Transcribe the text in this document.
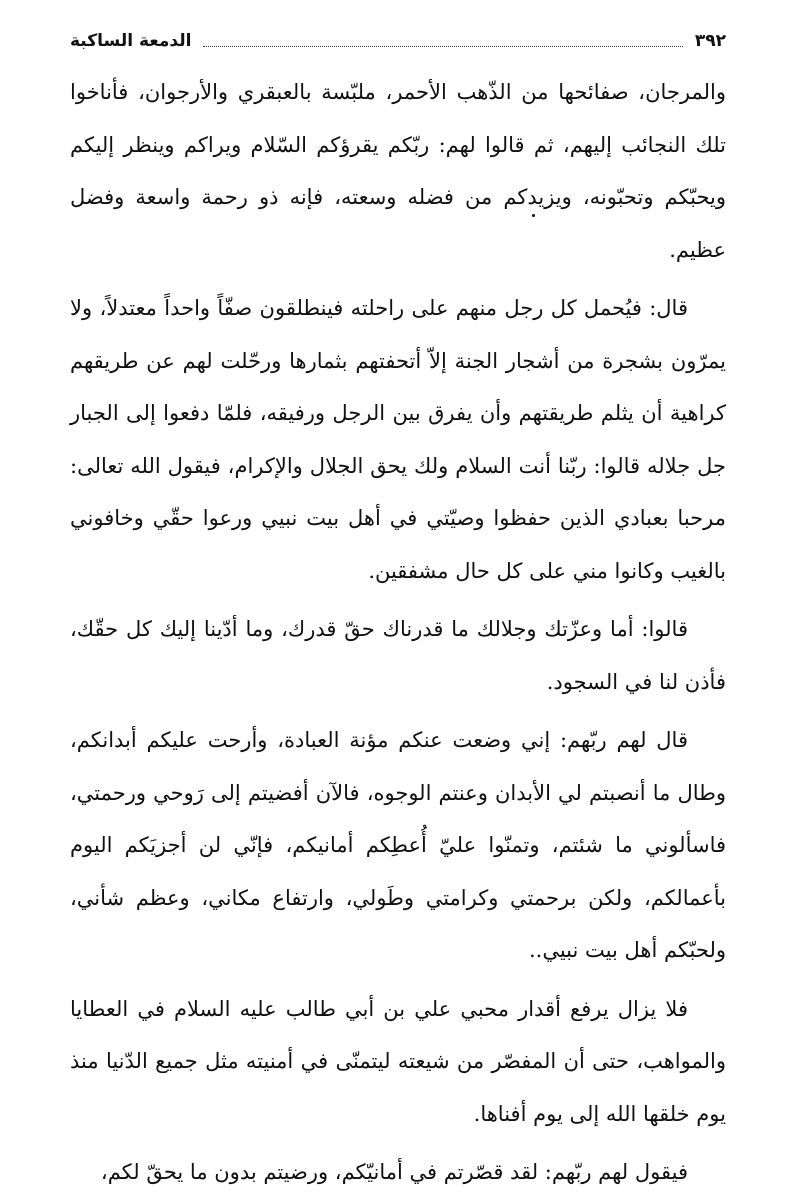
٣٩٢
الدمعة الساكبة

والمرجان، صفائحها من الذّهب الأحمر، ملبّسة بالعبقري والأرجوان، فأناخوا تلك النجائب إليهم، ثم قالوا لهم: ربّكم يقرؤكم السّلام ويراكم وينظر إليكم ويحبّكم وتحبّونه، ويزيدكم من فضله وسعته، فإنه ذو رحمة واسعة وفضل عظيم.

قال: فيُحمل كل رجل منهم على راحلته فينطلقون صفّاً واحداً معتدلاً، ولا يمرّون بشجرة من أشجار الجنة إلاّ أتحفتهم بثمارها ورحّلت لهم عن طريقهم كراهية أن يثلم طريقتهم وأن يفرق بين الرجل ورفيقه، فلمّا دفعوا إلى الجبار جل جلاله قالوا: ربّنا أنت السلام ولك يحق الجلال والإكرام، فيقول الله تعالى: مرحبا بعبادي الذين حفظوا وصيّتي في أهل بيت نبيي ورعوا حقّي وخافوني بالغيب وكانوا مني على كل حال مشفقين.

قالوا: أما وعزّتك وجلالك ما قدرناك حقّ قدرك، وما أدّينا إليك كل حقّك، فأذن لنا في السجود.

قال لهم ربّهم: إني وضعت عنكم مؤنة العبادة، وأرحت عليكم أبدانكم، وطال ما أنصبتم لي الأبدان وعنتم الوجوه، فالآن أفضيتم إلى رَوحي ورحمتي، فاسألوني ما شئتم، وتمنّوا عليّ أُعطِكم أمانيكم، فإنّي لن أجزيَكم اليوم بأعمالكم، ولكن برحمتي وكرامتي وطَولي، وارتفاع مكاني، وعظم شأني، ولحبّكم أهل بيت نبيي..

فلا يزال يرفع أقدار محبي علي بن أبي طالب عليه السلام في العطايا والمواهب، حتى أن المفصّر من شيعته ليتمنّى في أمنيته مثل جميع الدّنيا منذ يوم خلقها الله إلى يوم أفناها.

فيقول لهم ربّهم: لقد قصّرتم في أمانيّكم، ورضيتم بدون ما يحقّ لكم،
